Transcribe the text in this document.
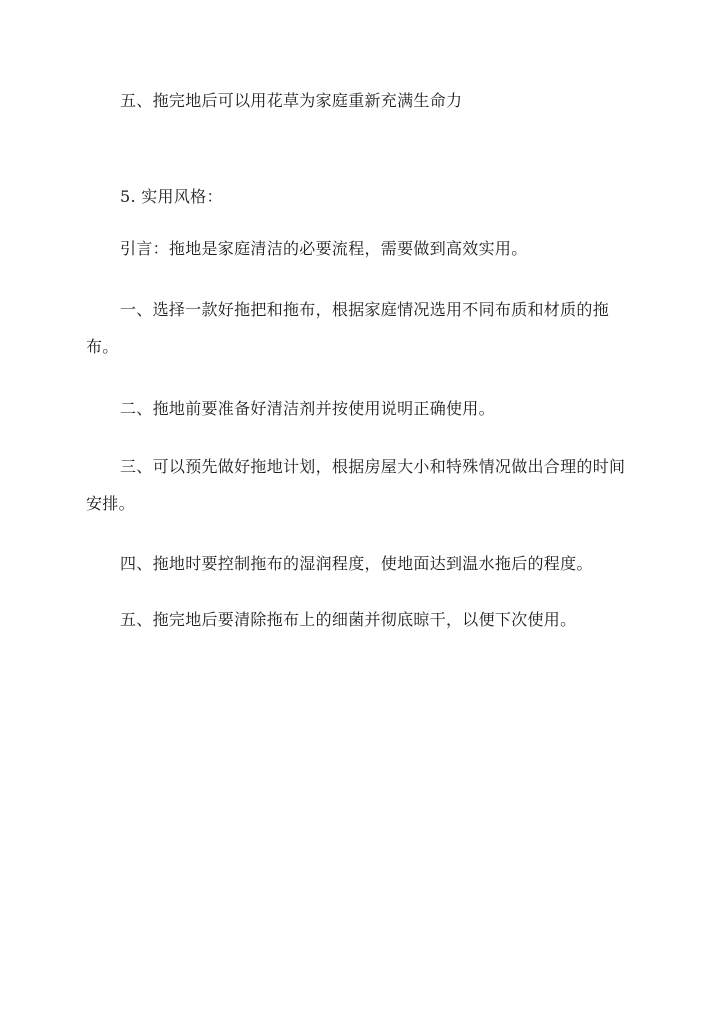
五、拖完地后可以用花草为家庭重新充满生命力

5. 实用风格：

引言：拖地是家庭清洁的必要流程，需要做到高效实用。

一、选择一款好拖把和拖布，根据家庭情况选用不同布质和材质的拖布。

二、拖地前要准备好清洁剂并按使用说明正确使用。

三、可以预先做好拖地计划，根据房屋大小和特殊情况做出合理的时间安排。

四、拖地时要控制拖布的湿润程度，使地面达到温水拖后的程度。

五、拖完地后要清除拖布上的细菌并彻底晾干，以便下次使用。
